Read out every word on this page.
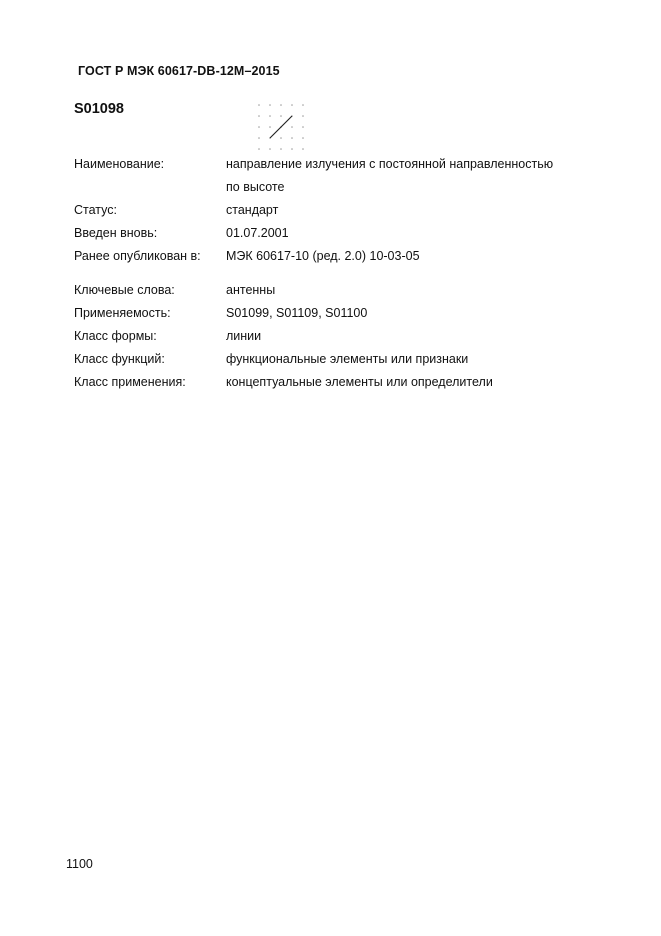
ГОСТ Р МЭК 60617-DB-12M–2015
S01098
Наименование:	направление излучения с постоянной направленностью
по высоте
Статус:	стандарт
Введен вновь:	01.07.2001
Ранее опубликован в: МЭК 60617-10 (ред. 2.0) 10-03-05
Ключевые слова:	антенны
Применяемость:	S01099, S01109, S01100
Класс формы:	линии
Класс функций:	функциональные элементы или признаки
Класс применения:	концептуальные элементы или определители
1100
